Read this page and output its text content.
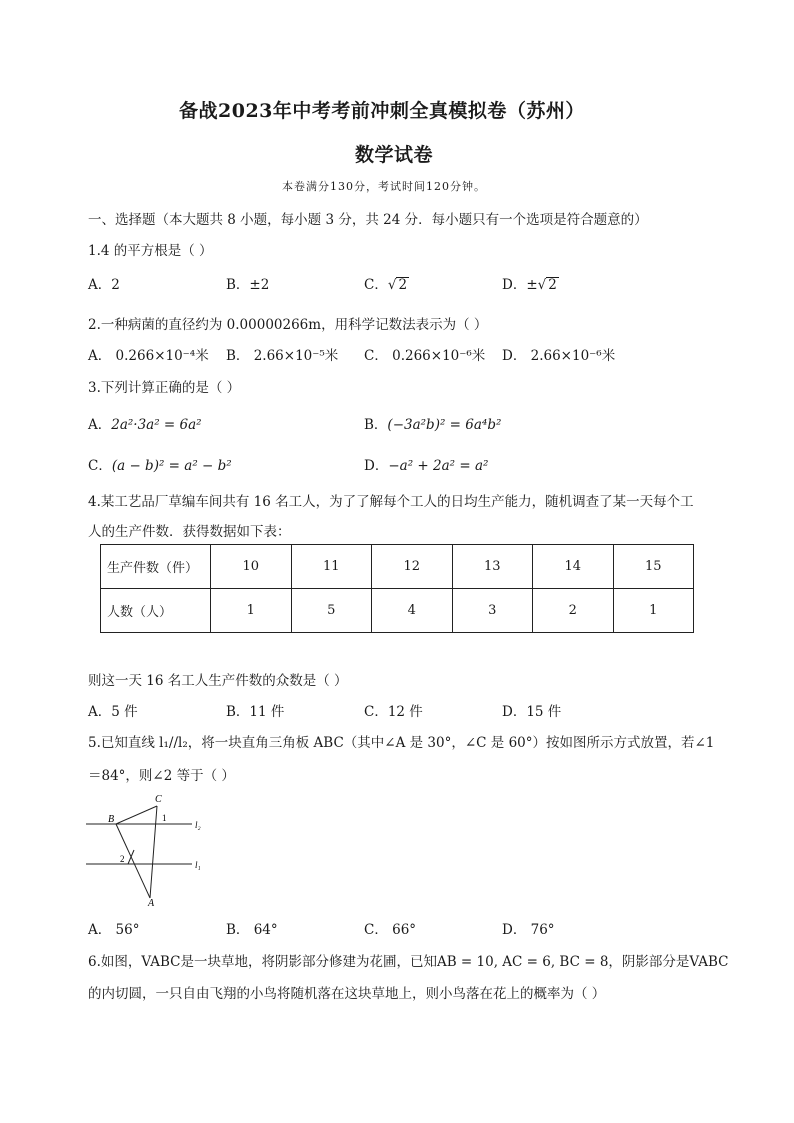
备战2023年中考考前冲刺全真模拟卷（苏州）
数学试卷
本卷满分130分，考试时间120分钟。
一、选择题（本大题共 8 小题，每小题 3 分，共 24 分．每小题只有一个选项是符合题意的）
1.4 的平方根是（ ）
A．2	B．±2	C．√ 2	D．±√ 2
2.一种病菌的直径约为 0.00000266m，用科学记数法表示为（ ）
A． 0.266×10⁻⁴米 B． 2.66×10⁻⁵米 C． 0.266×10⁻⁶米 D． 2.66×10⁻⁶米
3.下列计算正确的是（ ）
A．2a²·3a² = 6a²	B．(−3a²b)² = 6a⁴b²
C．(a − b)² = a² − b²	D．−a² + 2a² = a²
4.某工艺品厂草编车间共有 16 名工人，为了了解每个工人的日均生产能力，随机调查了某一天每个工
人的生产件数．获得数据如下表：
生产件数（件）	10	11	12	13	14	15
人数（人）	1	5	4	3	2	1
则这一天 16 名工人生产件数的众数是（ ）
A．5 件	B．11 件	C．12 件	D．15 件
5.已知直线 l₁//l₂，将一块直角三角板 ABC（其中∠A 是 30°，∠C 是 60°）按如图所示方式放置，若∠1
＝84°，则∠2 等于（ ）
B
C
A
1
2
l₂
l₁
A． 56°	B． 64°	C． 66°	D． 76°
6.如图，VABC是一块草地，将阴影部分修建为花圃，已知AB = 10, AC = 6, BC = 8，阴影部分是VABC
的内切圆，一只自由飞翔的小鸟将随机落在这块草地上，则小鸟落在花上的概率为（ ）
